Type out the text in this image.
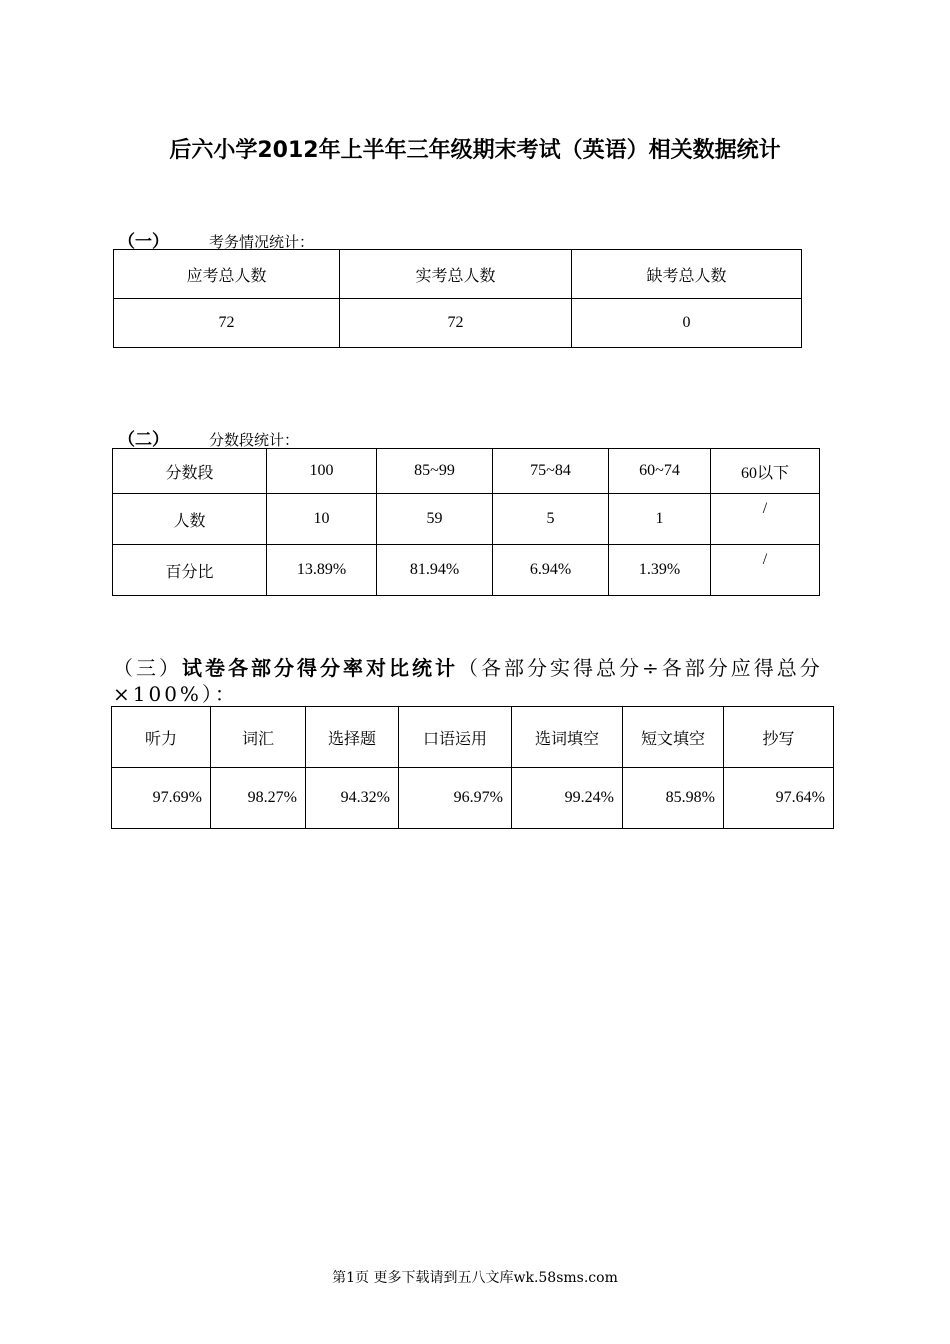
后六小学2012年上半年三年级期末考试（英语）相关数据统计
（一）	考务情况统计：
应考总人数	实考总人数	缺考总人数
72	72	0
（二）	分数段统计：
分数段	100	85~99	75~84	60~74	60以下
人数	10	59	5	1	/
百分比	13.89%	81.94%	6.94%	1.39%	/
（三）试卷各部分得分率对比统计（各部分实得总分÷各部分应得总分×100%）：
听力	词汇	选择题	口语运用	选词填空	短文填空	抄写
97.69%	98.27%	94.32%	96.97%	99.24%	85.98%	97.64%
第1页 更多下载请到五八文库wk.58sms.com
